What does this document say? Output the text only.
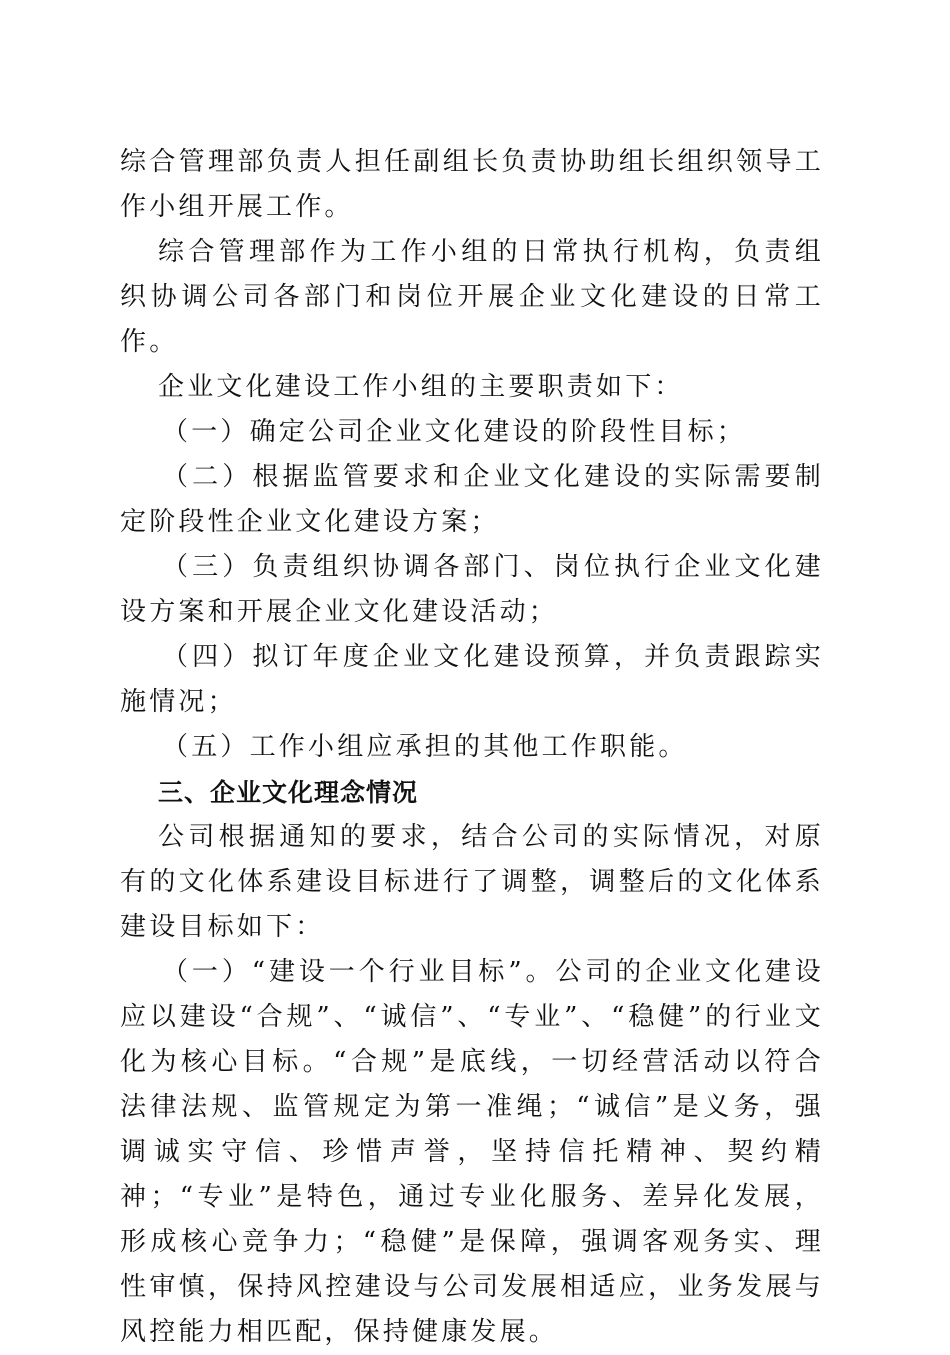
综合管理部负责人担任副组长负责协助组长组织领导工作小组开展工作。

综合管理部作为工作小组的日常执行机构，负责组织协调公司各部门和岗位开展企业文化建设的日常工作。

企业文化建设工作小组的主要职责如下：

（一）确定公司企业文化建设的阶段性目标；

（二）根据监管要求和企业文化建设的实际需要制定阶段性企业文化建设方案；

（三）负责组织协调各部门、岗位执行企业文化建设方案和开展企业文化建设活动；

（四）拟订年度企业文化建设预算，并负责跟踪实施情况；

（五）工作小组应承担的其他工作职能。

三、企业文化理念情况

公司根据通知的要求，结合公司的实际情况，对原有的文化体系建设目标进行了调整，调整后的文化体系建设目标如下：

（一）“建设一个行业目标”。公司的企业文化建设应以建设“合规”、“诚信”、“专业”、“稳健”的行业文化为核心目标。“合规”是底线，一切经营活动以符合法律法规、监管规定为第一准绳；“诚信”是义务，强调诚实守信、珍惜声誉，坚持信托精神、契约精神；“专业”是特色，通过专业化服务、差异化发展，形成核心竞争力；“稳健”是保障，强调客观务实、理性审慎，保持风控建设与公司发展相适应，业务发展与风控能力相匹配，保持健康发展。
